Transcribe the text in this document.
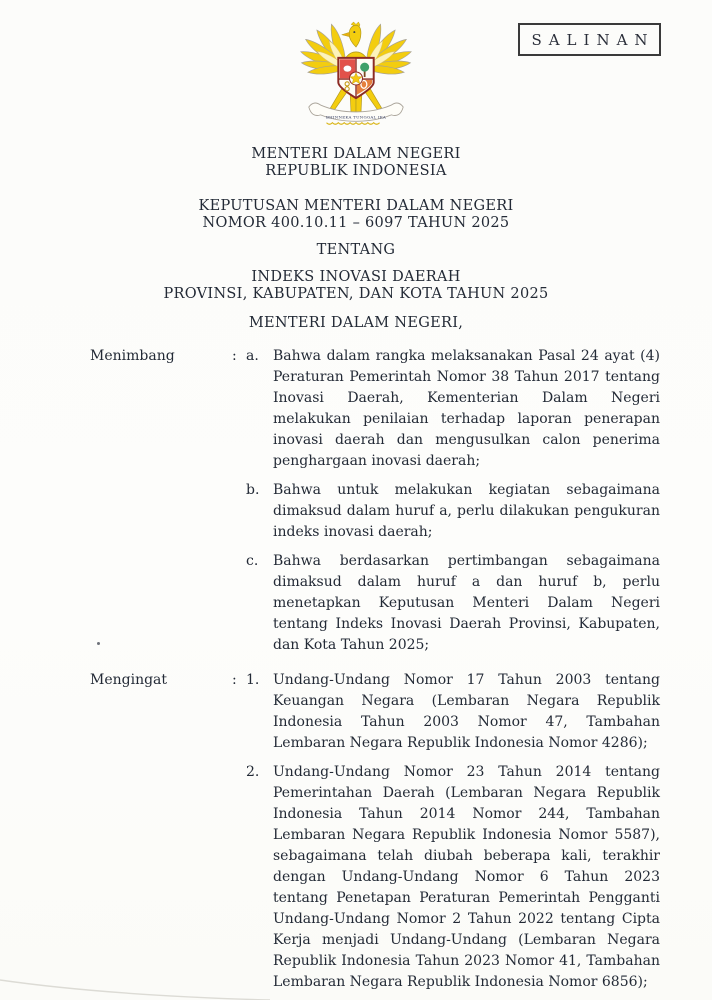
SALINAN
BHINNEKA TUNGGAL IKA
MENTERI DALAM NEGERI
REPUBLIK INDONESIA
KEPUTUSAN MENTERI DALAM NEGERI
NOMOR 400.10.11 – 6097 TAHUN 2025
TENTANG
INDEKS INOVASI DAERAH
PROVINSI, KABUPATEN, DAN KOTA TAHUN 2025
MENTERI DALAM NEGERI,
Menimbang	: a.	Bahwa dalam rangka melaksanakan Pasal 24 ayat (4) Peraturan Pemerintah Nomor 38 Tahun 2017 tentang Inovasi Daerah, Kementerian Dalam Negeri melakukan penilaian terhadap laporan penerapan inovasi daerah dan mengusulkan calon penerima penghargaan inovasi daerah;
b. Bahwa untuk melakukan kegiatan sebagaimana dimaksud dalam huruf a, perlu dilakukan pengukuran indeks inovasi daerah;
c.	Bahwa berdasarkan pertimbangan sebagaimana dimaksud dalam huruf a dan huruf b, perlu menetapkan Keputusan Menteri Dalam Negeri tentang Indeks Inovasi Daerah Provinsi, Kabupaten, dan Kota Tahun 2025;
Mengingat	: 1. Undang-Undang Nomor 17 Tahun 2003 tentang Keuangan Negara (Lembaran Negara Republik Indonesia Tahun 2003 Nomor 47, Tambahan Lembaran Negara Republik Indonesia Nomor 4286);
2. Undang-Undang Nomor 23 Tahun 2014 tentang Pemerintahan Daerah (Lembaran Negara Republik Indonesia Tahun 2014 Nomor 244, Tambahan Lembaran Negara Republik Indonesia Nomor 5587), sebagaimana telah diubah beberapa kali, terakhir dengan Undang-Undang Nomor 6 Tahun 2023 tentang Penetapan Peraturan Pemerintah Pengganti Undang-Undang Nomor 2 Tahun 2022 tentang Cipta Kerja menjadi Undang-Undang (Lembaran Negara Republik Indonesia Tahun 2023 Nomor 41, Tambahan Lembaran Negara Republik Indonesia Nomor 6856);
